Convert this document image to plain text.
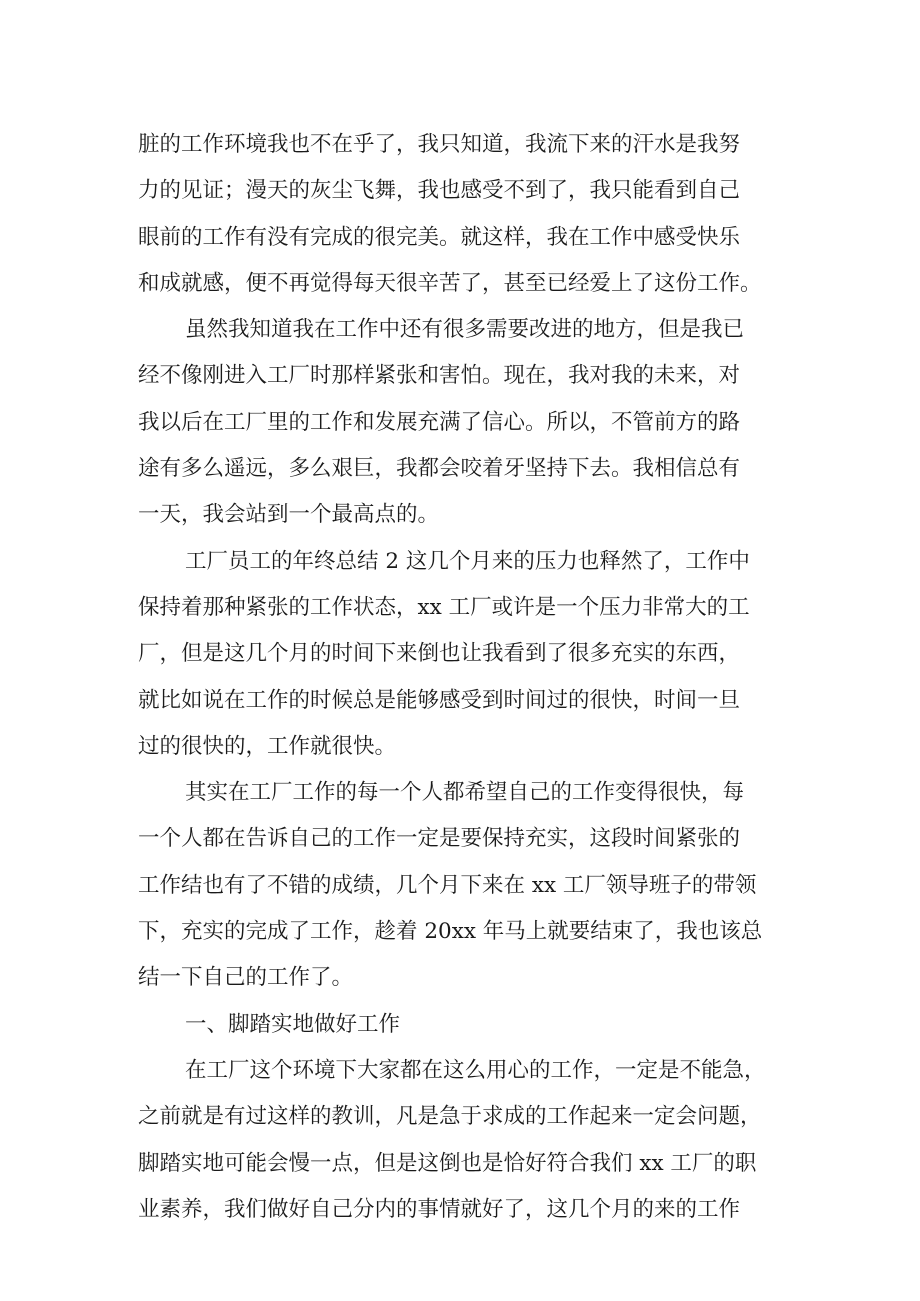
脏的工作环境我也不在乎了，我只知道，我流下来的汗水是我努
力的见证；漫天的灰尘飞舞，我也感受不到了，我只能看到自己
眼前的工作有没有完成的很完美。就这样，我在工作中感受快乐
和成就感，便不再觉得每天很辛苦了，甚至已经爱上了这份工作。
虽然我知道我在工作中还有很多需要改进的地方，但是我已
经不像刚进入工厂时那样紧张和害怕。现在，我对我的未来，对
我以后在工厂里的工作和发展充满了信心。所以，不管前方的路
途有多么遥远，多么艰巨，我都会咬着牙坚持下去。我相信总有
一天，我会站到一个最高点的。
工厂员工的年终总结 2 这几个月来的压力也释然了，工作中
保持着那种紧张的工作状态，xx 工厂或许是一个压力非常大的工
厂，但是这几个月的时间下来倒也让我看到了很多充实的东西，
就比如说在工作的时候总是能够感受到时间过的很快，时间一旦
过的很快的，工作就很快。
其实在工厂工作的每一个人都希望自己的工作变得很快，每
一个人都在告诉自己的工作一定是要保持充实，这段时间紧张的
工作结也有了不错的成绩，几个月下来在 xx 工厂领导班子的带领
下，充实的完成了工作，趁着 20xx 年马上就要结束了，我也该总
结一下自己的工作了。
一、脚踏实地做好工作
在工厂这个环境下大家都在这么用心的工作，一定是不能急，
之前就是有过这样的教训，凡是急于求成的工作起来一定会问题，
脚踏实地可能会慢一点，但是这倒也是恰好符合我们 xx 工厂的职
业素养，我们做好自己分内的事情就好了，这几个月的来的工作
